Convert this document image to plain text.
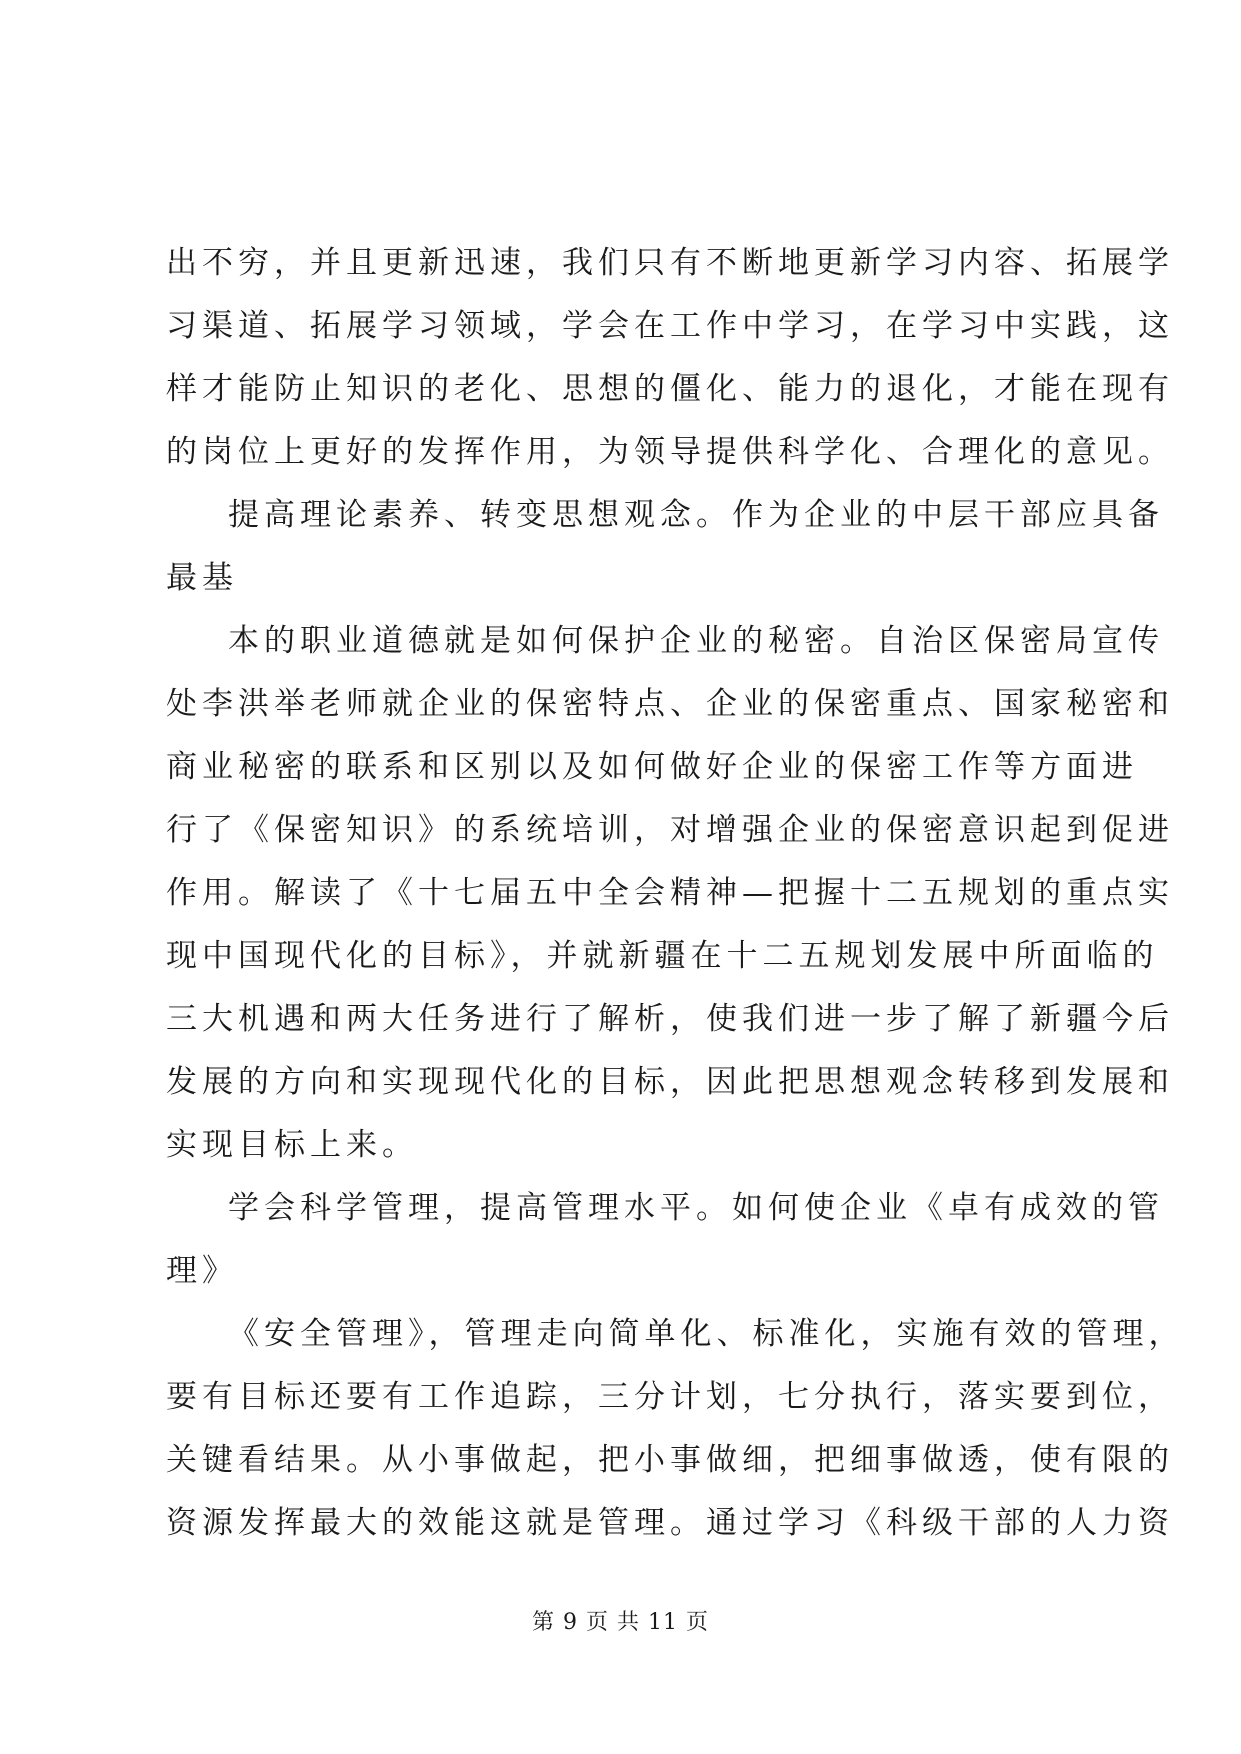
出不穷，并且更新迅速，我们只有不断地更新学习内容、拓展学
习渠道、拓展学习领域，学会在工作中学习，在学习中实践，这
样才能防止知识的老化、思想的僵化、能力的退化，才能在现有
的岗位上更好的发挥作用，为领导提供科学化、合理化的意见。
提高理论素养、转变思想观念。作为企业的中层干部应具备
最基
本的职业道德就是如何保护企业的秘密。自治区保密局宣传
处李洪举老师就企业的保密特点、企业的保密重点、国家秘密和
商业秘密的联系和区别以及如何做好企业的保密工作等方面进
行了《保密知识》的系统培训，对增强企业的保密意识起到促进
作用。解读了《十七届五中全会精神—把握十二五规划的重点实
现中国现代化的目标》，并就新疆在十二五规划发展中所面临的
三大机遇和两大任务进行了解析，使我们进一步了解了新疆今后
发展的方向和实现现代化的目标，因此把思想观念转移到发展和
实现目标上来。
学会科学管理，提高管理水平。如何使企业《卓有成效的管
理》
《安全管理》，管理走向简单化、标准化，实施有效的管理，
要有目标还要有工作追踪，三分计划，七分执行，落实要到位，
关键看结果。从小事做起，把小事做细，把细事做透，使有限的
资源发挥最大的效能这就是管理。通过学习《科级干部的人力资
第 9 页 共 11 页
